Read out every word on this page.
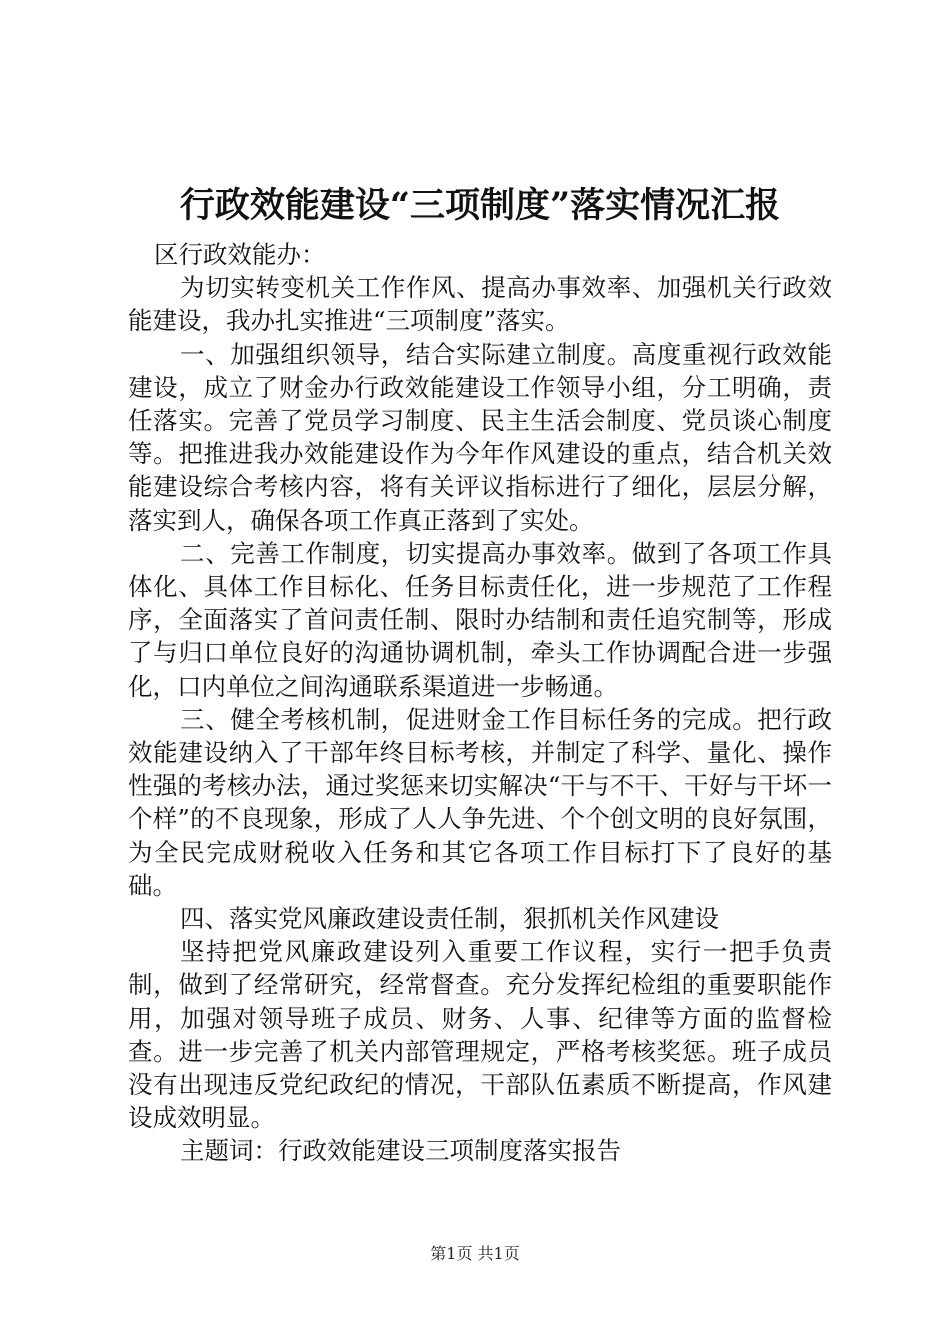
行政效能建设“三项制度”落实情况汇报

区行政效能办：

为切实转变机关工作作风、提高办事效率、加强机关行政效能建设，我办扎实推进“三项制度”落实。

一、加强组织领导，结合实际建立制度。高度重视行政效能建设，成立了财金办行政效能建设工作领导小组，分工明确，责任落实。完善了党员学习制度、民主生活会制度、党员谈心制度等。把推进我办效能建设作为今年作风建设的重点，结合机关效能建设综合考核内容，将有关评议指标进行了细化，层层分解，落实到人，确保各项工作真正落到了实处。

二、完善工作制度，切实提高办事效率。做到了各项工作具体化、具体工作目标化、任务目标责任化，进一步规范了工作程序，全面落实了首问责任制、限时办结制和责任追究制等，形成了与归口单位良好的沟通协调机制，牵头工作协调配合进一步强化，口内单位之间沟通联系渠道进一步畅通。

三、健全考核机制，促进财金工作目标任务的完成。把行政效能建设纳入了干部年终目标考核，并制定了科学、量化、操作性强的考核办法，通过奖惩来切实解决“干与不干、干好与干坏一个样”的不良现象，形成了人人争先进、个个创文明的良好氛围，为全民完成财税收入任务和其它各项工作目标打下了良好的基础。

四、落实党风廉政建设责任制，狠抓机关作风建设

坚持把党风廉政建设列入重要工作议程，实行一把手负责制，做到了经常研究，经常督查。充分发挥纪检组的重要职能作用，加强对领导班子成员、财务、人事、纪律等方面的监督检查。进一步完善了机关内部管理规定，严格考核奖惩。班子成员没有出现违反党纪政纪的情况，干部队伍素质不断提高，作风建设成效明显。

主题词：行政效能建设三项制度落实报告

第1页 共1页
